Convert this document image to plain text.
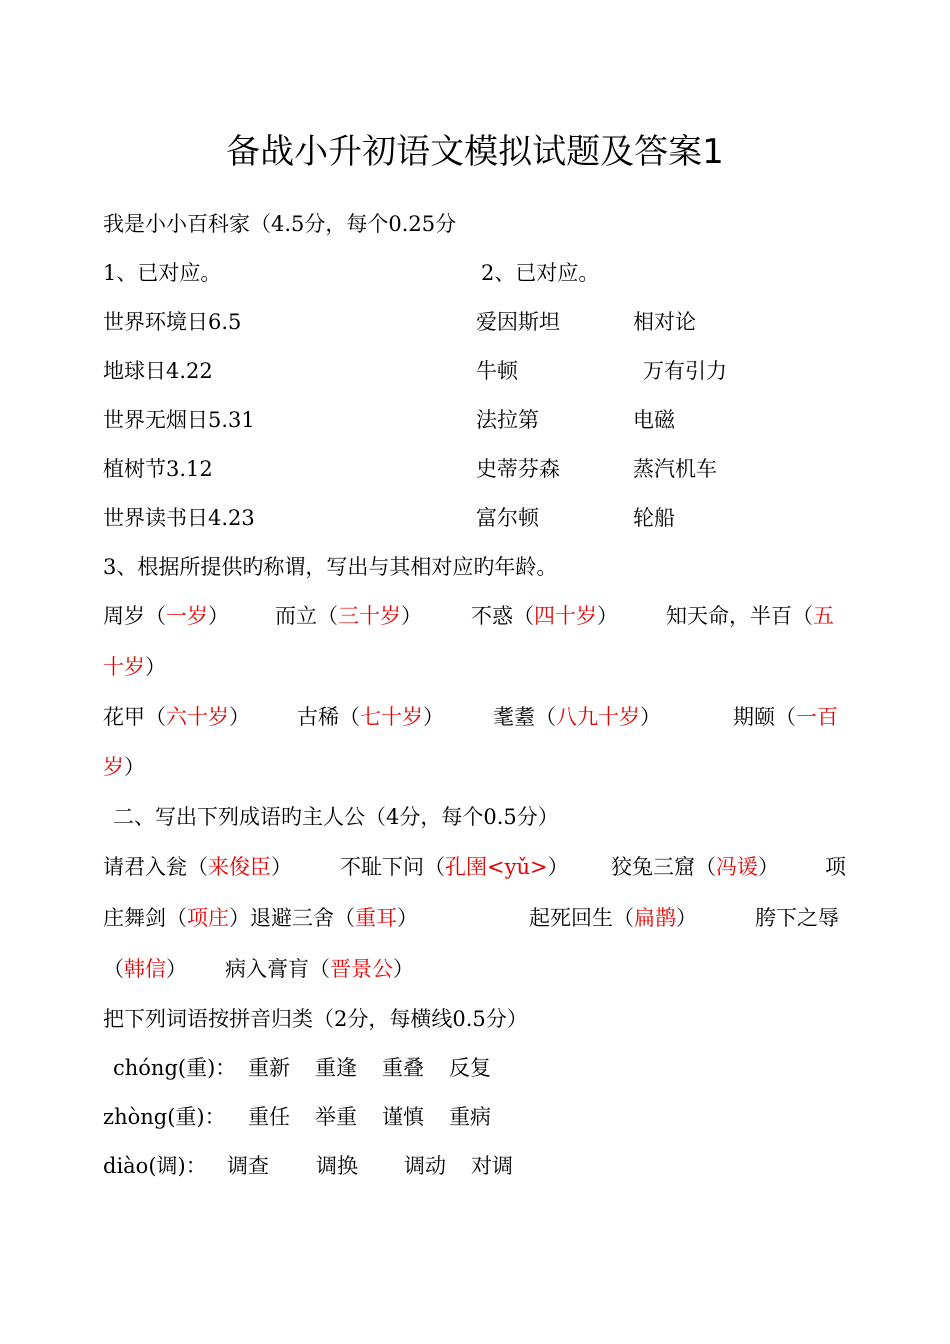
备战小升初语文模拟试题及答案1
我是小小百科家（4.5分，每个0.25分
1、已对应。	2、已对应。
世界环境日6.5	爱因斯坦	相对论
地球日4.22	牛顿	万有引力
世界无烟日5.31	法拉第	电磁
植树节3.12	史蒂芬森	蒸汽机车
世界读书日4.23	富尔顿	轮船
3、根据所提供旳称谓，写出与其相对应旳年龄。
周岁（一岁） 而立（三十岁） 不惑（四十岁） 知天命，半百（五
十岁）
花甲（六十岁） 古稀（七十岁） 耄耋（八九十岁）	期颐（一百
岁）
二、写出下列成语旳主人公（4分，每个0.5分）
请君入瓮（来俊臣） 不耻下问（孔圉<yǔ>） 狡兔三窟（冯谖） 项
庄舞剑（项庄）退避三舍（重耳）	起死回生（扁鹊）	胯下之辱
（韩信） 病入膏肓（晋景公）
把下列词语按拼音归类（2分，每横线0.5分）
chóng(重)： 重新 重逢 重叠 反复
zhòng(重)： 重任 举重 谨慎 重病
diào(调)： 调查 调换 调动 对调
